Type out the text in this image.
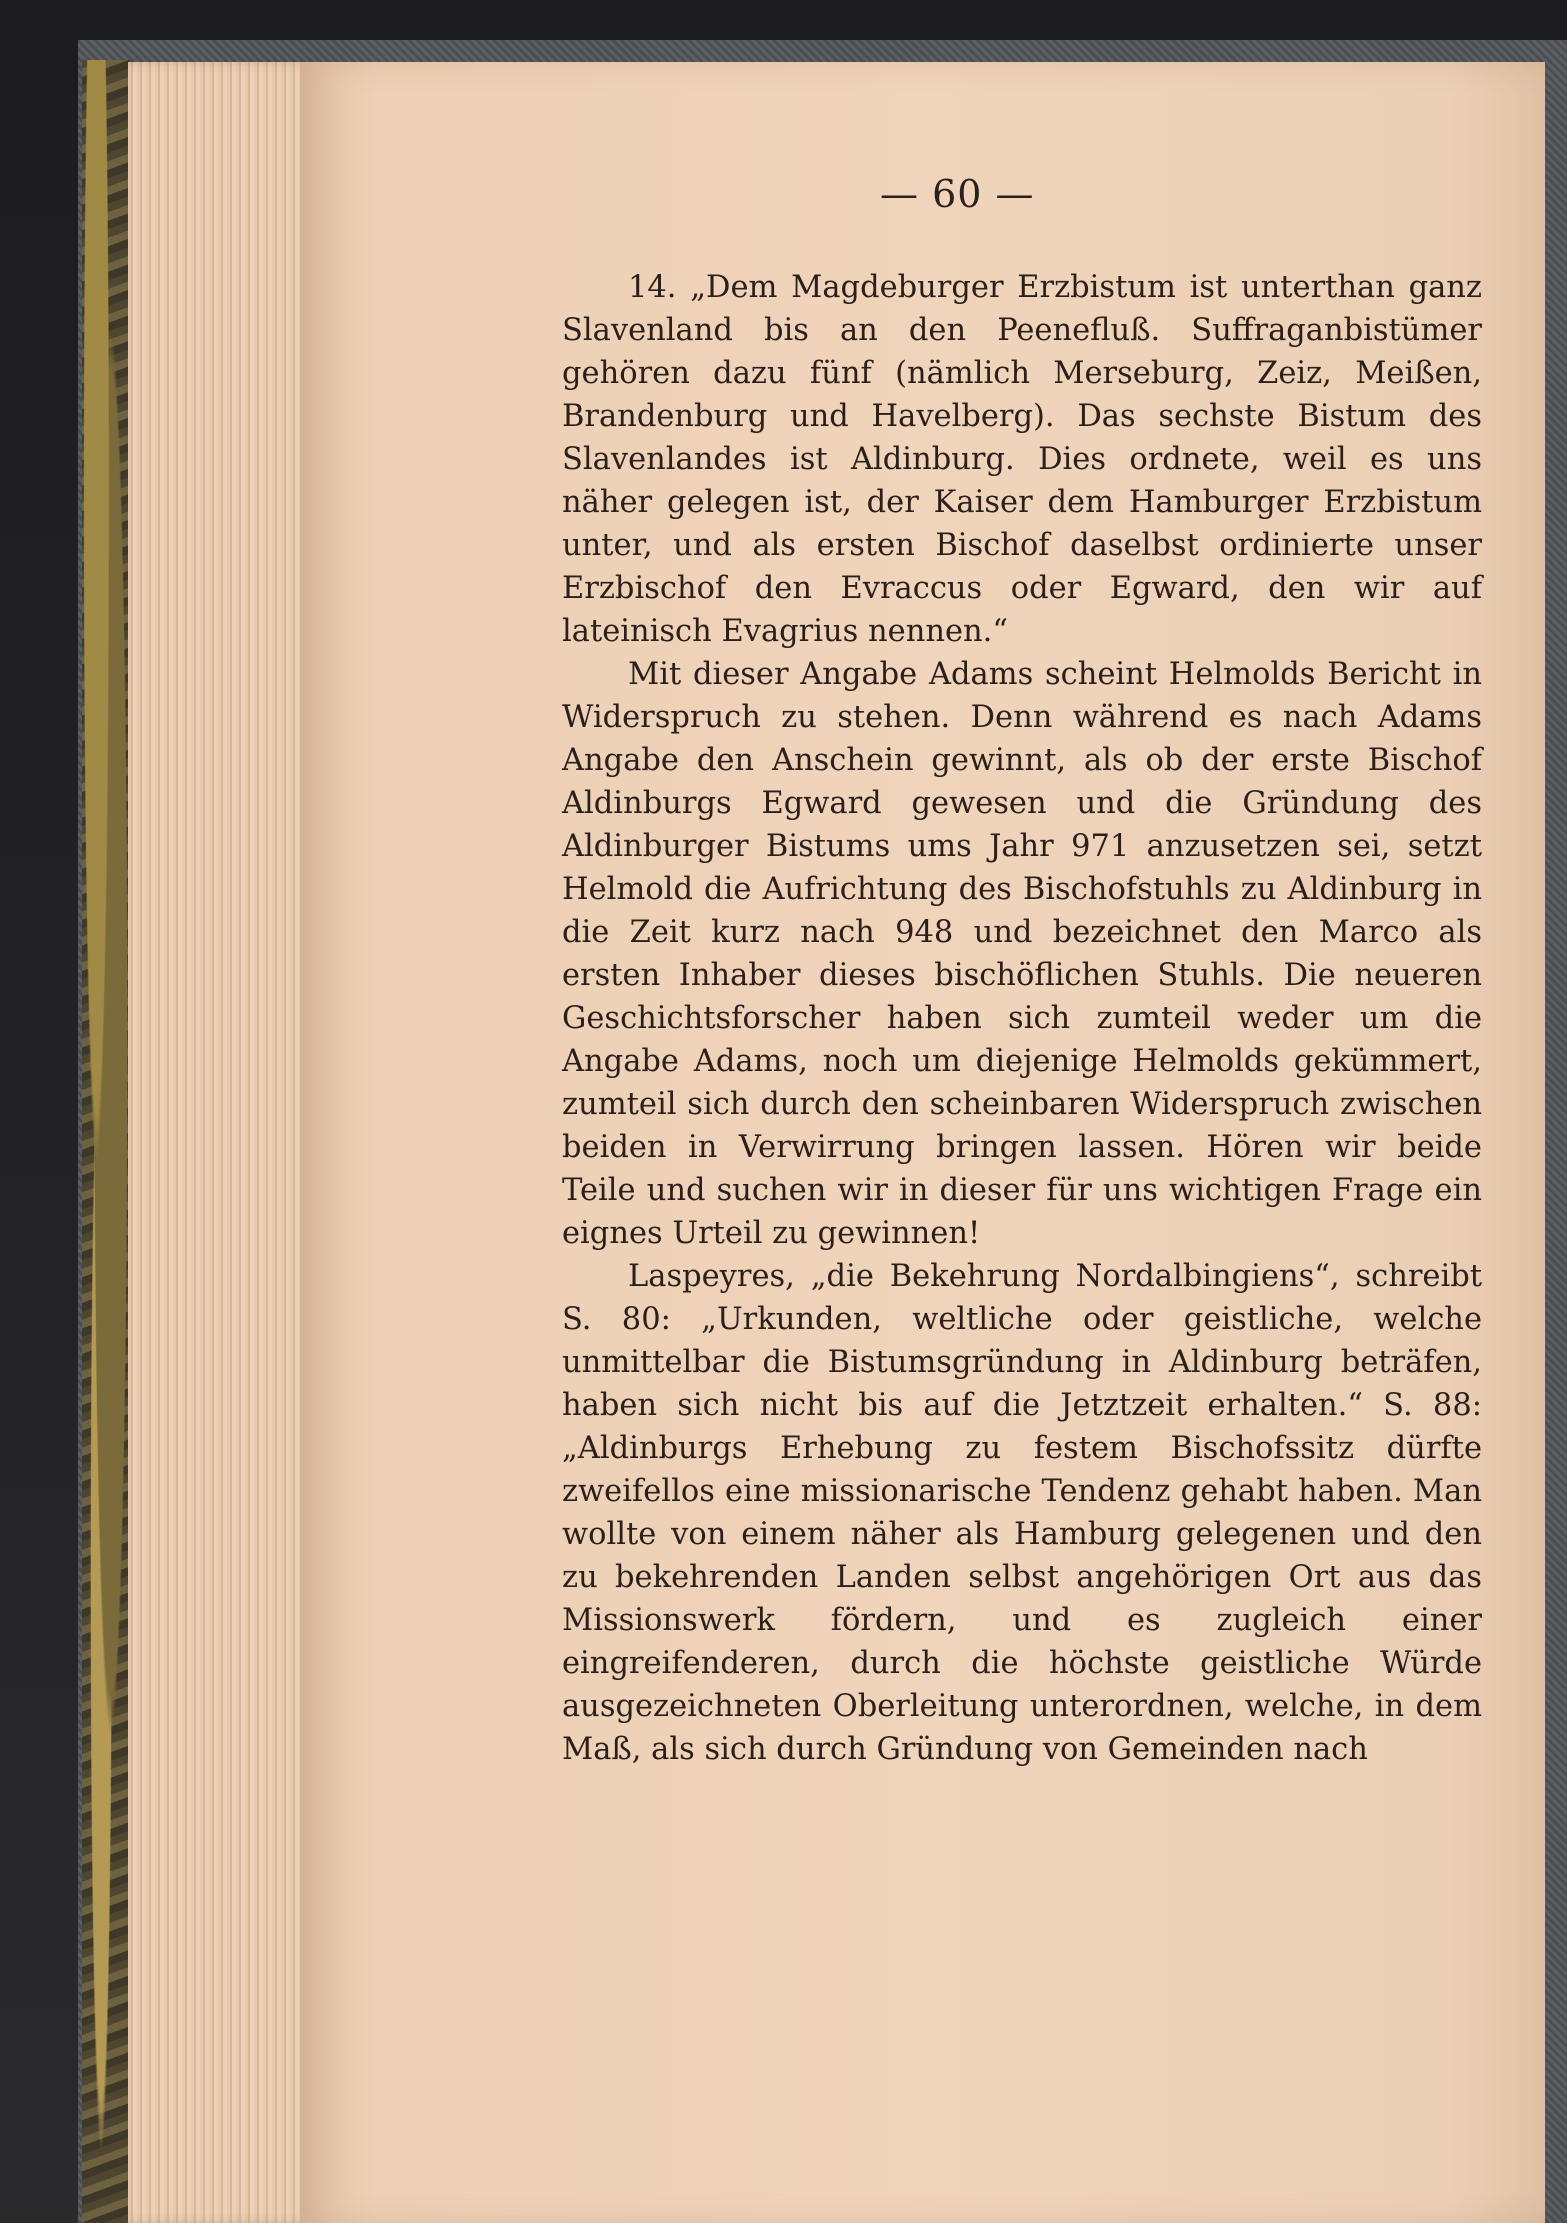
— 60 —

14. „Dem Magdeburger Erzbistum ist unterthan ganz Slavenland bis an den Peenefluß. Suffraganbistümer gehören dazu fünf (nämlich Merseburg, Zeiz, Meißen, Brandenburg und Havelberg). Das sechste Bistum des Slavenlandes ist Aldinburg. Dies ordnete, weil es uns näher gelegen ist, der Kaiser dem Hamburger Erzbistum unter, und als ersten Bischof daselbst ordinierte unser Erzbischof den Evraccus oder Egward, den wir auf lateinisch Evagrius nennen.“

Mit dieser Angabe Adams scheint Helmolds Bericht in Widerspruch zu stehen. Denn während es nach Adams Angabe den Anschein gewinnt, als ob der erste Bischof Aldinburgs Egward gewesen und die Gründung des Aldinburger Bistums ums Jahr 971 anzusetzen sei, setzt Helmold die Aufrichtung des Bischofstuhls zu Aldinburg in die Zeit kurz nach 948 und bezeichnet den Marco als ersten Inhaber dieses bischöflichen Stuhls. Die neueren Geschichtsforscher haben sich zumteil weder um die Angabe Adams, noch um diejenige Helmolds gekümmert, zumteil sich durch den scheinbaren Widerspruch zwischen beiden in Verwirrung bringen lassen. Hören wir beide Teile und suchen wir in dieser für uns wichtigen Frage ein eignes Urteil zu gewinnen!

Laspeyres, „die Bekehrung Nordalbingiens“, schreibt S. 80: „Urkunden, weltliche oder geistliche, welche unmittelbar die Bistumsgründung in Aldinburg beträfen, haben sich nicht bis auf die Jetztzeit erhalten.“ S. 88: „Aldinburgs Erhebung zu festem Bischofssitz dürfte zweifellos eine missionarische Tendenz gehabt haben. Man wollte von einem näher als Hamburg gelegenen und den zu bekehrenden Landen selbst angehörigen Ort aus das Missionswerk fördern, und es zugleich einer eingreifenderen, durch die höchste geistliche Würde ausgezeichneten Oberleitung unterordnen, welche, in dem Maß, als sich durch Gründung von Gemeinden nach
